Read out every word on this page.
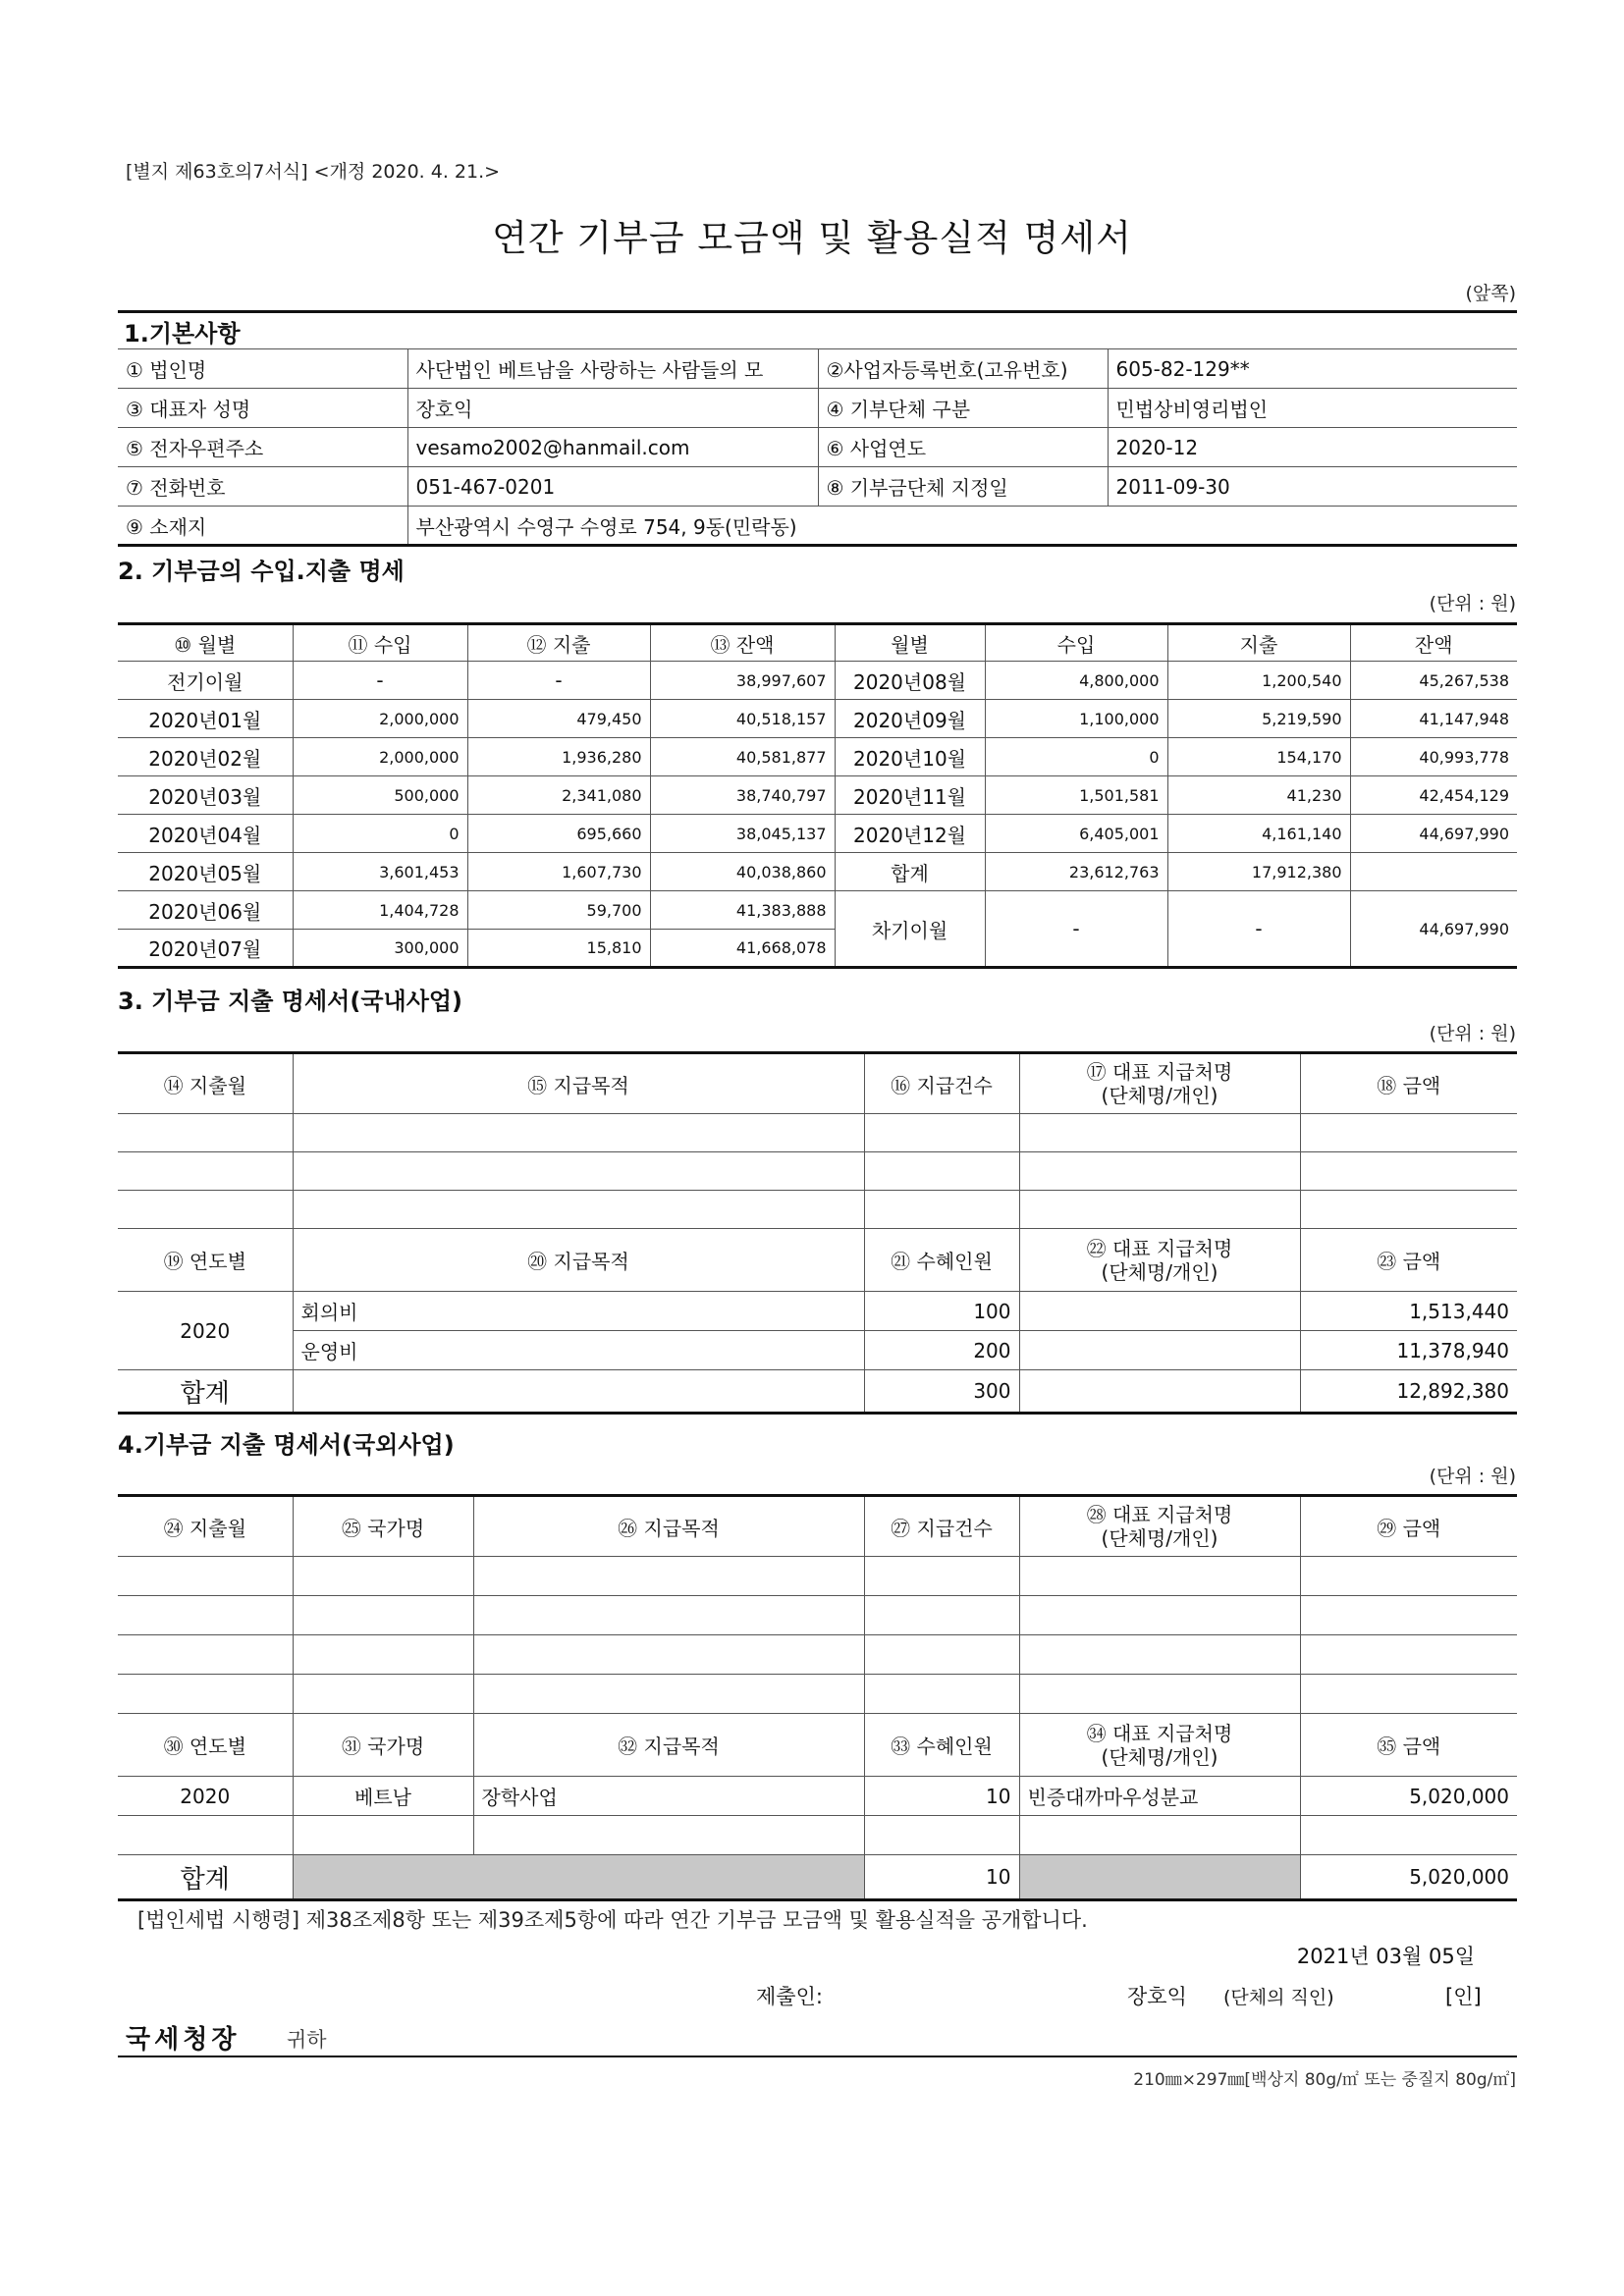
[별지 제63호의7서식] <개정 2020. 4. 21.>
연간 기부금 모금액 및 활용실적 명세서
(앞쪽)
1.기본사항			
① 법인명	사단법인 베트남을 사랑하는 사람들의 모	②사업자등록번호(고유번호)	605-82-129**
③ 대표자 성명	장호익	④ 기부단체 구분	민법상비영리법인
⑤ 전자우편주소	vesamo2002@hanmail.com	⑥ 사업연도	2020-12
⑦ 전화번호	051-467-0201	⑧ 기부금단체 지정일	2011-09-30
⑨ 소재지	부산광역시 수영구 수영로 754, 9동(민락동)		
2. 기부금의 수입.지출 명세
(단위 : 원)
⑩ 월별	⑪ 수입	⑫ 지출	⑬ 잔액	월별	수입	지출	잔액
전기이월	-	-	38,997,607	2020년08월	4,800,000	1,200,540	45,267,538
2020년01월	2,000,000	479,450	40,518,157	2020년09월	1,100,000	5,219,590	41,147,948
2020년02월	2,000,000	1,936,280	40,581,877	2020년10월	0	154,170	40,993,778
2020년03월	500,000	2,341,080	38,740,797	2020년11월	1,501,581	41,230	42,454,129
2020년04월	0	695,660	38,045,137	2020년12월	6,405,001	4,161,140	44,697,990
2020년05월	3,601,453	1,607,730	40,038,860	합계	23,612,763	17,912,380	
2020년06월	1,404,728	59,700	41,383,888	차기이월	-	-	44,697,990
2020년07월	300,000	15,810	41,668,078				
3. 기부금 지출 명세서(국내사업)
(단위 : 원)
⑭ 지출월	⑮ 지급목적	⑯ 지급건수	⑰ 대표 지급처명
(단체명/개인)	⑱ 금액

⑲ 연도별	⑳ 지급목적	㉑ 수혜인원	㉒ 대표 지급처명
(단체명/개인)	㉓ 금액
2020	회의비	100		1,513,440
	운영비	200		11,378,940
합계		300		12,892,380
4.기부금 지출 명세서(국외사업)
(단위 : 원)
㉔ 지출월	㉕ 국가명	㉖ 지급목적	㉗ 지급건수	㉘ 대표 지급처명
(단체명/개인)	㉙ 금액

㉚ 연도별	㉛ 국가명	㉜ 지급목적	㉝ 수혜인원	㉞ 대표 지급처명
(단체명/개인)	㉟ 금액
2020	베트남	장학사업	10	빈증대까마우성분교	5,020,000

합계			10		5,020,000
[법인세법 시행령] 제38조제8항 또는 제39조제5항에 따라 연간 기부금 모금액 및 활용실적을 공개합니다.
2021년 03월 05일
제출인:	장호익 (단체의 직인)	[인]
국세청장 귀하
210㎜×297㎜[백상지 80g/㎡ 또는 중질지 80g/㎡]
